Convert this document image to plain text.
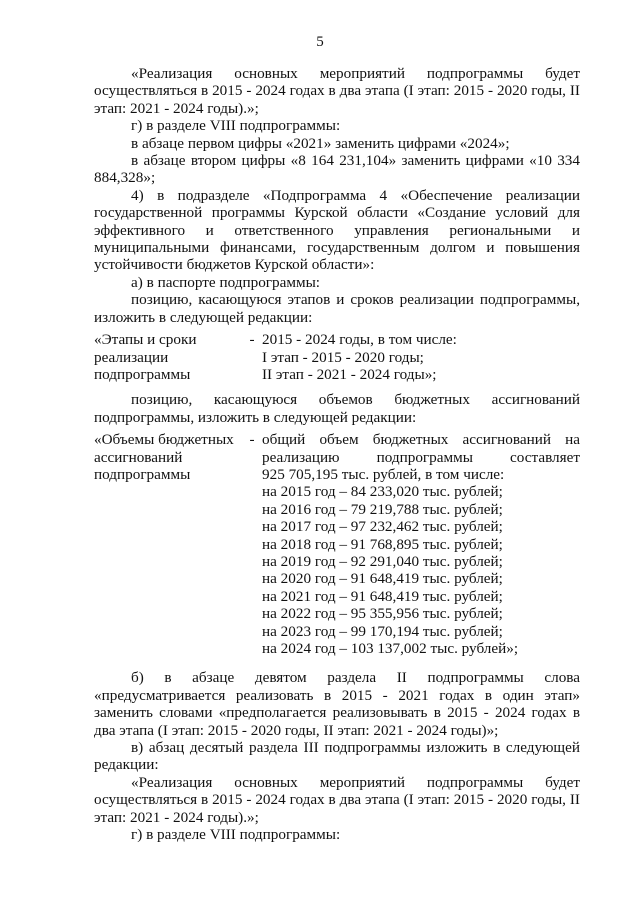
5

«Реализация основных мероприятий подпрограммы будет осуществляться в 2015 - 2024 годах в два этапа (I этап: 2015 - 2020 годы, II этап: 2021 - 2024 годы).»;

г) в разделе VIII подпрограммы:

в абзаце первом цифры «2021» заменить цифрами «2024»;

в абзаце втором цифры «8 164 231,104» заменить цифрами «10 334 884,328»;

4) в подразделе «Подпрограмма 4 «Обеспечение реализации государственной программы Курской области «Создание условий для эффективного и ответственного управления региональными и муниципальными финансами, государственным долгом и повышения устойчивости бюджетов Курской области»:

а) в паспорте подпрограммы:

позицию, касающуюся этапов и сроков реализации подпрограммы, изложить в следующей редакции:

«Этапы и сроки
реализации
подпрограммы
- 2015 - 2024 годы, в том числе:
I этап - 2015 - 2020 годы;
II этап - 2021 - 2024 годы»;

позицию, касающуюся объемов бюджетных ассигнований подпрограммы, изложить в следующей редакции:

«Объемы бюджетных
ассигнований
подпрограммы
- общий объем бюджетных ассигнований на
реализацию подпрограммы составляет
925 705,195 тыс. рублей, в том числе:
на 2015 год – 84 233,020 тыс. рублей;
на 2016 год – 79 219,788 тыс. рублей;
на 2017 год – 97 232,462 тыс. рублей;
на 2018 год – 91 768,895 тыс. рублей;
на 2019 год – 92 291,040 тыс. рублей;
на 2020 год – 91 648,419 тыс. рублей;
на 2021 год – 91 648,419 тыс. рублей;
на 2022 год – 95 355,956 тыс. рублей;
на 2023 год – 99 170,194 тыс. рублей;
на 2024 год – 103 137,002 тыс. рублей»;

б) в абзаце девятом раздела II подпрограммы слова «предусматривается реализовать в 2015 - 2021 годах в один этап» заменить словами «предполагается реализовывать в 2015 - 2024 годах в два этапа (I этап: 2015 - 2020 годы, II этап: 2021 - 2024 годы)»;

в) абзац десятый раздела III подпрограммы изложить в следующей редакции:

«Реализация основных мероприятий подпрограммы будет осуществляться в 2015 - 2024 годах в два этапа (I этап: 2015 - 2020 годы, II этап: 2021 - 2024 годы).»;

г) в разделе VIII подпрограммы:
